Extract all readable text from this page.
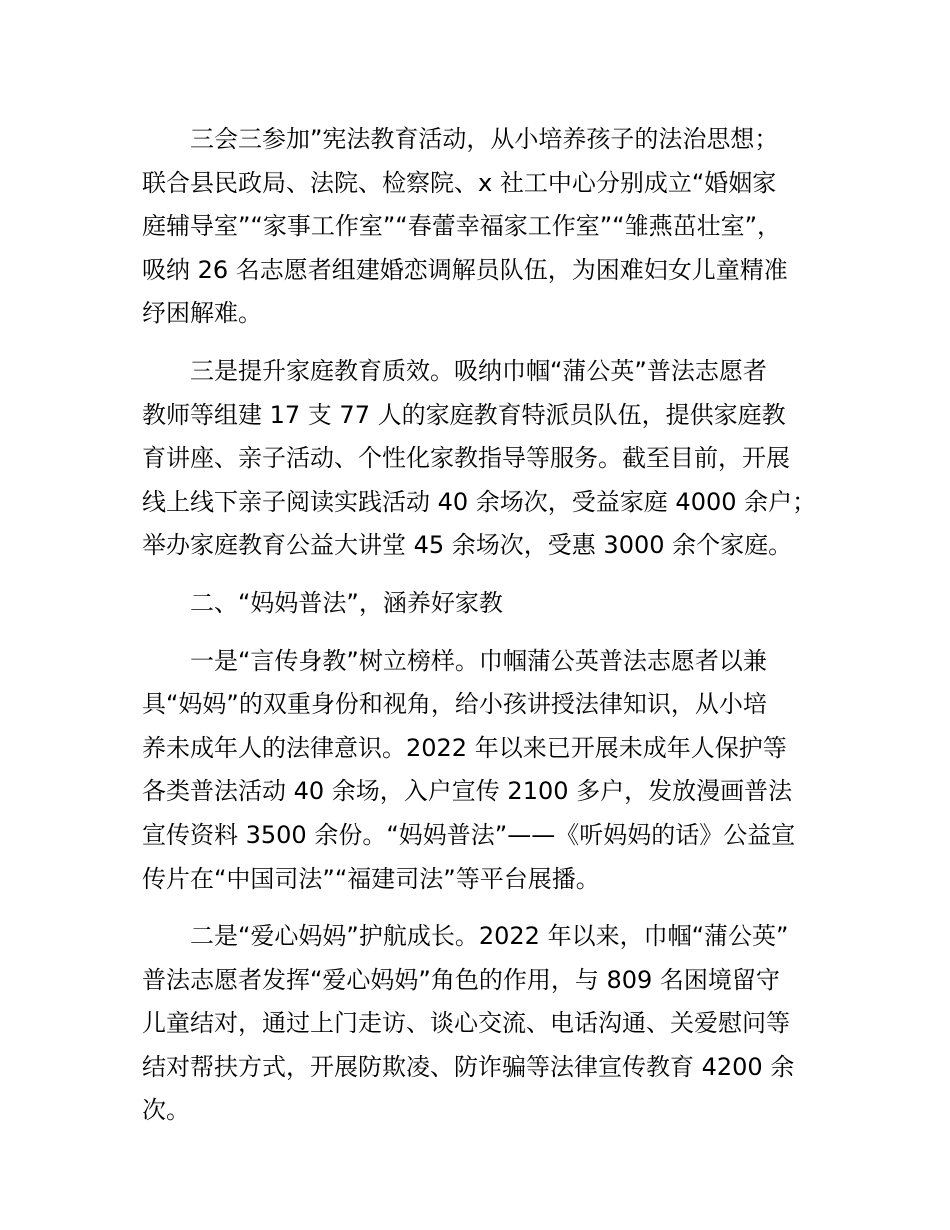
三会三参加”宪法教育活动，从小培养孩子的法治思想；
联合县民政局、法院、检察院、x 社工中心分别成立“婚姻家
庭辅导室”“家事工作室”“春蕾幸福家工作室”“雏燕茁壮室”，
吸纳 26 名志愿者组建婚恋调解员队伍，为困难妇女儿童精准
纾困解难。

三是提升家庭教育质效。吸纳巾帼“蒲公英”普法志愿者
教师等组建 17 支 77 人的家庭教育特派员队伍，提供家庭教
育讲座、亲子活动、个性化家教指导等服务。截至目前，开展
线上线下亲子阅读实践活动 40 余场次，受益家庭 4000 余户；
举办家庭教育公益大讲堂 45 余场次，受惠 3000 余个家庭。

二、“妈妈普法”，涵养好家教

一是“言传身教”树立榜样。巾帼蒲公英普法志愿者以兼
具“妈妈”的双重身份和视角，给小孩讲授法律知识，从小培
养未成年人的法律意识。2022 年以来已开展未成年人保护等
各类普法活动 40 余场，入户宣传 2100 多户，发放漫画普法
宣传资料 3500 余份。“妈妈普法”——《听妈妈的话》公益宣
传片在“中国司法”“福建司法”等平台展播。

二是“爱心妈妈”护航成长。2022 年以来，巾帼“蒲公英”
普法志愿者发挥“爱心妈妈”角色的作用，与 809 名困境留守
儿童结对，通过上门走访、谈心交流、电话沟通、关爱慰问等
结对帮扶方式，开展防欺凌、防诈骗等法律宣传教育 4200 余
次。
